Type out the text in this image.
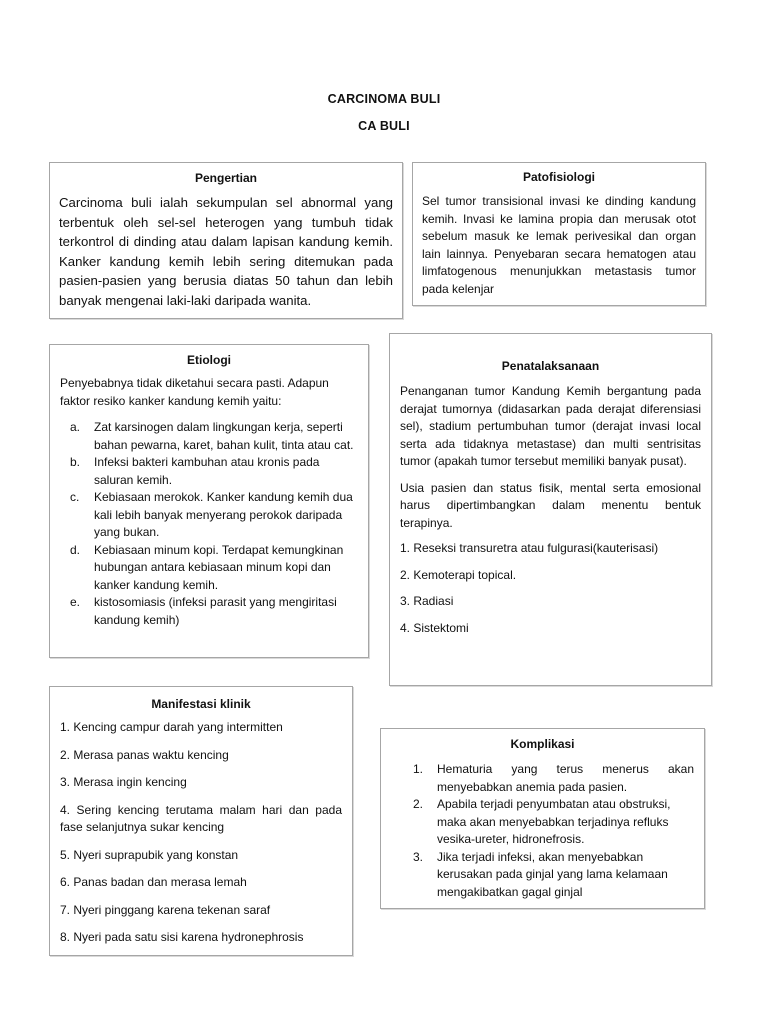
CARCINOMA BULI
CA BULI
Pengertian

Carcinoma buli ialah sekumpulan sel abnormal yang terbentuk oleh sel-sel heterogen yang tumbuh tidak terkontrol di dinding atau dalam lapisan kandung kemih. Kanker kandung kemih lebih sering ditemukan pada pasien-pasien yang berusia diatas 50 tahun dan lebih banyak mengenai laki-laki daripada wanita.

Patofisiologi

Sel tumor transisional invasi ke dinding kandung kemih. Invasi ke lamina propia dan merusak otot sebelum masuk ke lemak perivesikal dan organ lain lainnya. Penyebaran secara hematogen atau limfatogenous menunjukkan metastasis tumor pada kelenjar

Etiologi

Penyebabnya tidak diketahui secara pasti. Adapun faktor resiko kanker kandung kemih yaitu:

a.	Zat karsinogen dalam lingkungan kerja, seperti bahan pewarna, karet, bahan kulit, tinta atau cat.
b.	Infeksi bakteri kambuhan atau kronis pada saluran kemih.
c.	Kebiasaan merokok. Kanker kandung kemih dua kali lebih banyak menyerang perokok daripada yang bukan.
d.	Kebiasaan minum kopi. Terdapat kemungkinan hubungan antara kebiasaan minum kopi dan kanker kandung kemih.
e.	kistosomiasis (infeksi parasit yang mengiritasi kandung kemih)
Penatalaksanaan

Penanganan tumor Kandung Kemih bergantung pada derajat tumornya (didasarkan pada derajat diferensiasi sel), stadium pertumbuhan tumor (derajat invasi local serta ada tidaknya metastase) dan multi sentrisitas tumor (apakah tumor tersebut memiliki banyak pusat).

Usia pasien dan status fisik, mental serta emosional harus dipertimbangkan dalam menentu bentuk terapinya.

1. Reseksi transuretra atau fulgurasi(kauterisasi)
2. Kemoterapi topical.
3. Radiasi
4. Sistektomi
Manifestasi klinik
1. Kencing campur darah yang intermitten
2. Merasa panas waktu kencing
3. Merasa ingin kencing
4. Sering kencing terutama malam hari dan pada fase selanjutnya sukar kencing
5. Nyeri suprapubik yang konstan
6. Panas badan dan merasa lemah
7. Nyeri pinggang karena tekenan saraf
8. Nyeri pada satu sisi karena hydronephrosis
Komplikasi
1.	Hematuria yang terus menerus akan menyebabkan anemia pada pasien.
2.	Apabila terjadi penyumbatan atau obstruksi, maka akan menyebabkan terjadinya refluks vesika-ureter, hidronefrosis.
3.	Jika terjadi infeksi, akan menyebabkan kerusakan pada ginjal yang lama kelamaan mengakibatkan gagal ginjal
